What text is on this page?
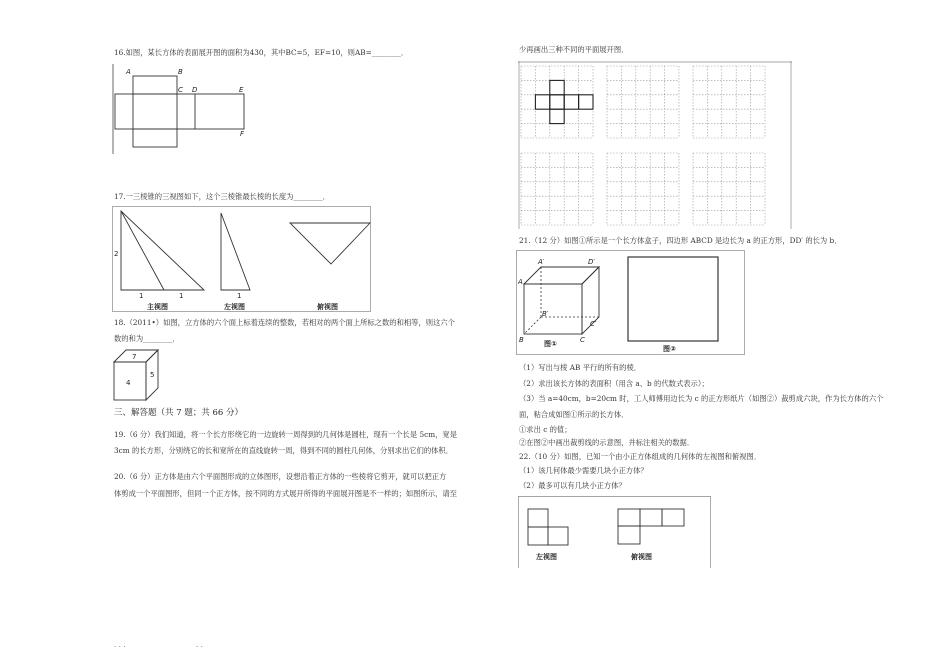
16.如图，某长方体的表面展开图的面积为430，其中BC=5，EF=10，则AB=________．
A	B
C D	E
F
17.一三棱锥的三视图如下，这个三棱锥最长棱的长度为________．
2
1	1
主视图
1
左视图	俯视图
18.（2011•）如图，立方体的六个面上标着连续的整数，若相对的两个面上所标之数的和相等，则这六个
数的和为________．
7
4
5
三、解答题（共 7 题；共 66 分）
19.（6 分）我们知道，将一个长方形绕它的一边旋转一周得到的几何体是圆柱，现有一个长是 5cm，宽是
3cm 的长方形，分别绕它的长和宽所在的直线旋转一周，得到不同的圆柱几何体，分别求出它们的体积．
20.（6 分）正方体是由六个平面图形成的立体图形，设想沿着正方体的一些棱将它剪开，就可以把正方
体剪成一个平面图形，但同一个正方体，按不同的方式展开所得的平面展开图是不一样的；如图所示，请至
少再画出三种不同的平面展开图．
21.（12 分）如图①所示是一个长方体盒子，四边形 ABCD 是边长为 a 的正方形，DD′ 的长为 b．
A′	D′
A
B′
C′
B	C
图①
图②
（1）写出与棱 AB 平行的所有的棱．
（2）求出该长方体的表面积（用含 a、b 的代数式表示）；
（3）当 a=40cm，b=20cm 时，工人师傅用边长为 c 的正方形纸片（如图②）裁剪成六块，作为长方体的六个
面，粘合成如图①所示的长方体．
①求出 c 的值；
②在图②中画出裁剪线的示意图，并标注相关的数据．
22.（10 分）如图，已知一个由小正方体组成的几何体的左视图和俯视图．
（1）该几何体最少需要几块小正方体？
（2）最多可以有几块小正方体？
左视图	俯视图
· · ·	· ·
